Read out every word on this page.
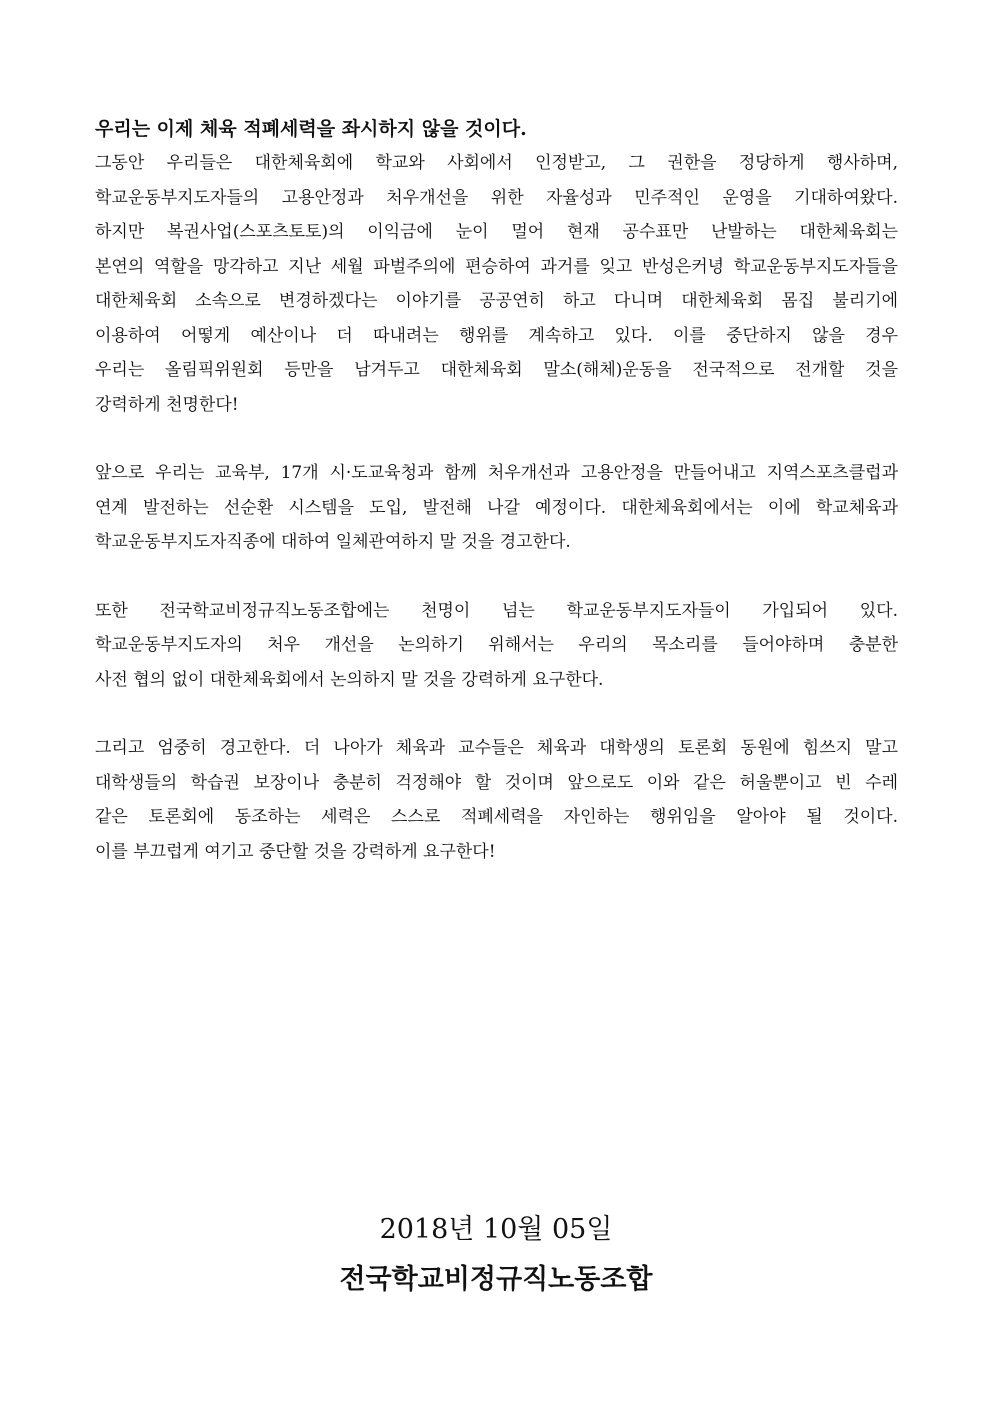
우리는 이제 체육 적폐세력을 좌시하지 않을 것이다.

그동안 우리들은 대한체육회에 학교와 사회에서 인정받고, 그 권한을 정당하게 행사하며,
학교운동부지도자들의 고용안정과 처우개선을 위한 자율성과 민주적인 운영을 기대하여왔다.
하지만 복권사업(스포츠토토)의 이익금에 눈이 멀어 현재 공수표만 난발하는 대한체육회는
본연의 역할을 망각하고 지난 세월 파벌주의에 편승하여 과거를 잊고 반성은커녕 학교운동부지도자들을
대한체육회 소속으로 변경하겠다는 이야기를 공공연히 하고 다니며 대한체육회 몸집 불리기에
이용하여 어떻게 예산이나 더 따내려는 행위를 계속하고 있다. 이를 중단하지 않을 경우
우리는 올림픽위원회 등만을 남겨두고 대한체육회 말소(해체)운동을 전국적으로 전개할 것을
강력하게 천명한다!

앞으로 우리는 교육부, 17개 시·도교육청과 함께 처우개선과 고용안정을 만들어내고 지역스포츠클럽과
연계 발전하는 선순환 시스템을 도입, 발전해 나갈 예정이다. 대한체육회에서는 이에 학교체육과
학교운동부지도자직종에 대하여 일체관여하지 말 것을 경고한다.

또한 전국학교비정규직노동조합에는 천명이 넘는 학교운동부지도자들이 가입되어 있다.
학교운동부지도자의 처우 개선을 논의하기 위해서는 우리의 목소리를 들어야하며 충분한
사전 협의 없이 대한체육회에서 논의하지 말 것을 강력하게 요구한다.

그리고 엄중히 경고한다. 더 나아가 체육과 교수들은 체육과 대학생의 토론회 동원에 힘쓰지 말고
대학생들의 학습권 보장이나 충분히 걱정해야 할 것이며 앞으로도 이와 같은 허울뿐이고 빈 수레
같은 토론회에 동조하는 세력은 스스로 적폐세력을 자인하는 행위임을 알아야 될 것이다.
이를 부끄럽게 여기고 중단할 것을 강력하게 요구한다!

2018년 10월 05일
전국학교비정규직노동조합
